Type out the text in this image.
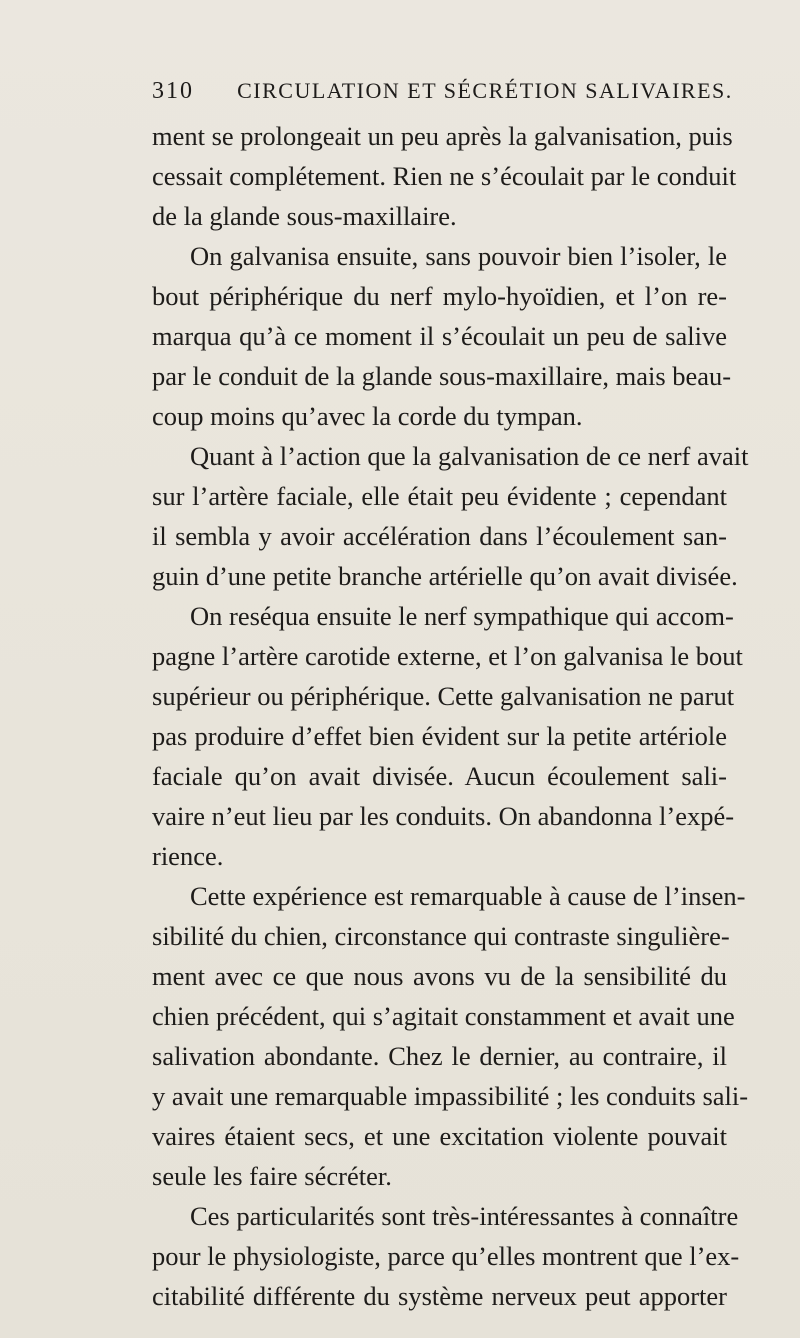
310 CIRCULATION ET SÉCRÉTION SALIVAIRES.
ment se prolongeait un peu après la galvanisation, puis
cessait complétement. Rien ne s’écoulait par le conduit
de la glande sous-maxillaire.
On galvanisa ensuite, sans pouvoir bien l’isoler, le
bout périphérique du nerf mylo-hyoïdien, et l’on re-
marqua qu’à ce moment il s’écoulait un peu de salive
par le conduit de la glande sous-maxillaire, mais beau-
coup moins qu’avec la corde du tympan.
Quant à l’action que la galvanisation de ce nerf avait
sur l’artère faciale, elle était peu évidente ; cependant
il sembla y avoir accélération dans l’écoulement san-
guin d’une petite branche artérielle qu’on avait divisée.
On reséqua ensuite le nerf sympathique qui accom-
pagne l’artère carotide externe, et l’on galvanisa le bout
supérieur ou périphérique. Cette galvanisation ne parut
pas produire d’effet bien évident sur la petite artériole
faciale qu’on avait divisée. Aucun écoulement sali-
vaire n’eut lieu par les conduits. On abandonna l’expé-
rience.
Cette expérience est remarquable à cause de l’insen-
sibilité du chien, circonstance qui contraste singulière-
ment avec ce que nous avons vu de la sensibilité du
chien précédent, qui s’agitait constamment et avait une
salivation abondante. Chez le dernier, au contraire, il
y avait une remarquable impassibilité ; les conduits sali-
vaires étaient secs, et une excitation violente pouvait
seule les faire sécréter.
Ces particularités sont très-intéressantes à connaître
pour le physiologiste, parce qu’elles montrent que l’ex-
citabilité différente du système nerveux peut apporter
